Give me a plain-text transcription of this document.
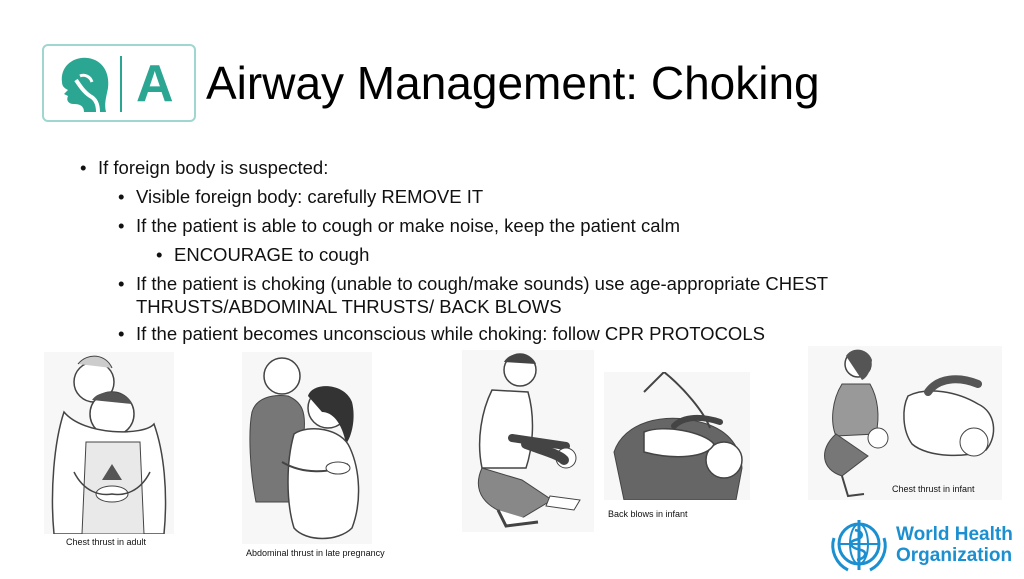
A Airway Management: Choking
• If foreign body is suspected:
• Visible foreign body: carefully REMOVE IT
• If the patient is able to cough or make noise, keep the patient calm
• ENCOURAGE to cough
• If the patient is choking (unable to cough/make sounds) use age-appropriate CHEST
THRUSTS/ABDOMINAL THRUSTS/ BACK BLOWS
• If the patient becomes unconscious while choking: follow CPR PROTOCOLS
Chest thrust in adult
Abdominal thrust in late pregnancy
Back blows in infant
Chest thrust in infant
World Health
Organization
